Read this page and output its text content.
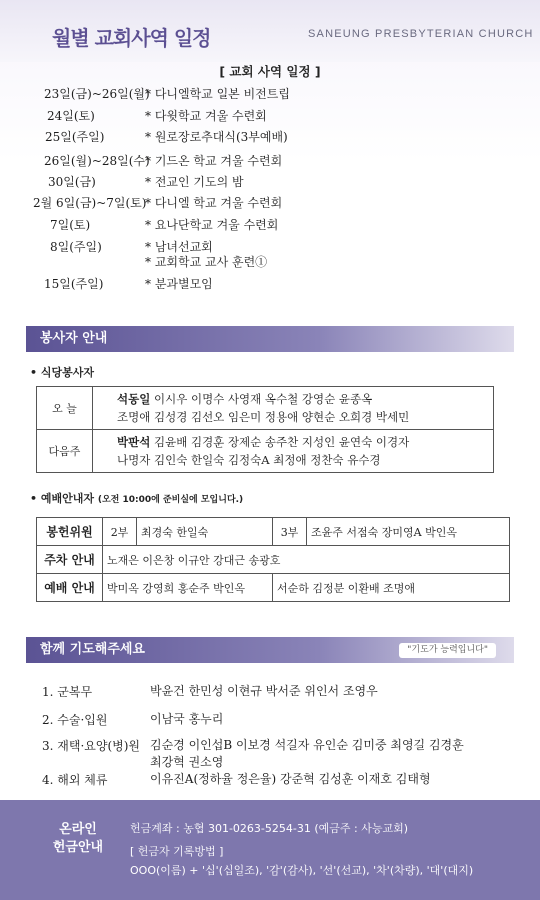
월별 교회사역 일정	SANEUNG PRESBYTERIAN CHURCH
[ 교회 사역 일정 ]
23일(금)~26일(월)
* 다니엘학교 일본 비전트립
24일(토)	* 다윗학교 겨울 수련회
25일(주일)	* 원로장로추대식(3부예배)
26일(월)~28일(수)
* 기드온 학교 겨울 수련회
30일(금)	* 전교인 기도의 밤
2월 6일(금)~7일(토)
* 다니엘 학교 겨울 수련회
7일(토)	* 요나단학교 겨울 수련회
8일(주일)	* 남녀선교회
* 교회학교 교사 훈련①
15일(주일)	* 분과별모임
봉사자 안내
• 식당봉사자
오 늘	석동일 이시우 이명수 사영재 옥수철 강영순 윤종옥
조명애 김성경 김선오 임은미 정용애 양현순 오희경 박세민
다음주	박판석 김윤배 김경훈 장제순 송주찬 지성인 윤연숙 이경자
나명자 김인숙 한일숙 김정숙A 최정애 정찬숙 유수경
• 예배안내자 (오전 10:00에 준비실에 모입니다.)
봉헌위원	2부	최경숙 한일숙	3부	조윤주 서점숙 장미영A 박인옥
주차 안내	노재은 이은창 이규안 강대근 송광호			
예배 안내	박미옥 강영희 홍순주 박인옥		서순하 김정분 이환배 조명애	
함께 기도해주세요	"기도가 능력입니다"
1. 군복무	박윤건 한민성 이현규 박서준 위인서 조영우
2. 수술·입원	이남국 홍누리
3. 재택·요양(병)원 김순경 이인섭B 이보경 석길자 유인순 김미중 최영길 김경훈
최강혁 권소영
4. 해외 체류	이유진A(정하율 정은율) 강준혁 김성훈 이재호 김태형
온라인
헌금안내
헌금계좌 : 농협 301-0263-5254-31 (예금주 : 사능교회)
[ 헌금자 기록방법 ]
OOO(이름) + '십'(십일조), '감'(감사), '선'(선교), '차'(차량), '대'(대지)
